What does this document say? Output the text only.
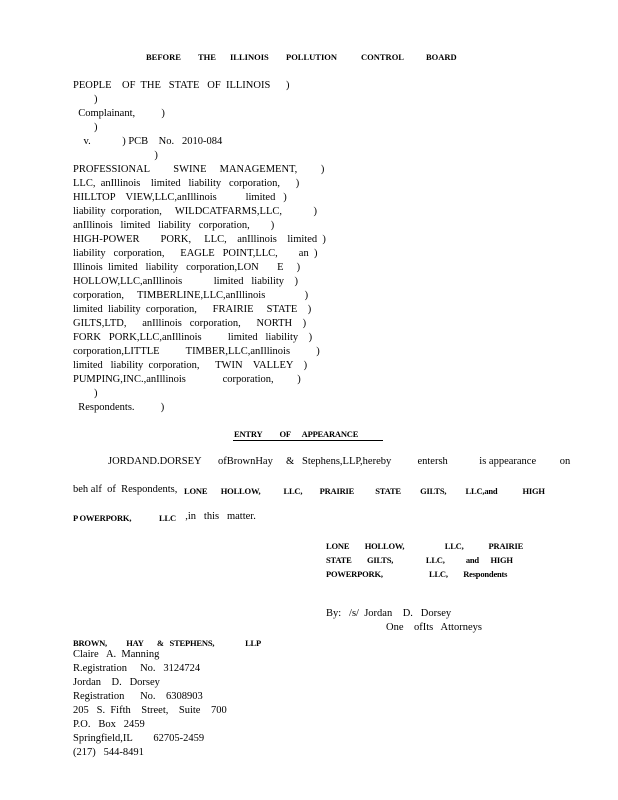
BEFORE THE ILLINOIS POLLUTION	CONTROL	BOARD
PEOPLE    OF  THE   STATE   OF  ILLINOIS      )
)
Complainant,          )
)
v.            ) PCB    No.   2010-084
)
PROFESSIONAL         SWINE     MANAGEMENT,         )
LLC,  anIllinois    limited   liability   corporation,      )
HILLTOP    VIEW,LLC,anIllinois           limited   )
liability  corporation,     WILDCATFARMS,LLC,            )
anIllinois   limited   liability   corporation,        )
HIGH-POWER        PORK,     LLC,    anIllinois    limited  )
liability   corporation,      EAGLE   POINT,LLC,        an  )
Illinois  limited   liability   corporation,LON       E     )
HOLLOW,LLC,anIllinois            limited   liability    )
corporation,     TIMBERLINE,LLC,anIllinois               )
limited  liability  corporation,      FRAIRIE     STATE    )
GILTS,LTD,      anIllinois   corporation,      NORTH    )
FORK   PORK,LLC,anIllinois          limited   liability    )
corporation,LITTLE          TIMBER,LLC,anIllinois          )
limited   liability  corporation,      TWIN    VALLEY    )
PUMPING,INC.,anIllinois              corporation,         )
)
Respondents.          )
ENTRY         OF      APPEARANCE
JORDAND.DORSEY ofBrownHay     &   Stephens,LLP,hereby          entersh            is appearance         on
beh alf  of  Respondents, LONE       HOLLOW,            LLC,         PRAIRIE           STATE          GILTS,          LLC,and             HIGH
P OWERPORK,	LLC ,in   this   matter.
LONE        HOLLOW,                     LLC,             PRAIRIE
STATE        GILTS,                 LLC,           and      HIGH
POWERPORK,                        LLC,        Respondents
By:   /s/  Jordan    D.   Dorsey
One    ofIts   Attorneys
BROWN,          HAY       &   STEPHENS,                LLP
Claire   A.  Manning
R.egistration     No.   3124724
Jordan    D.   Dorsey
Registration      No.    6308903
205   S.  Fifth    Street,    Suite    700
P.O.   Box   2459
Springfield,IL        62705-2459
(217)   544-8491
